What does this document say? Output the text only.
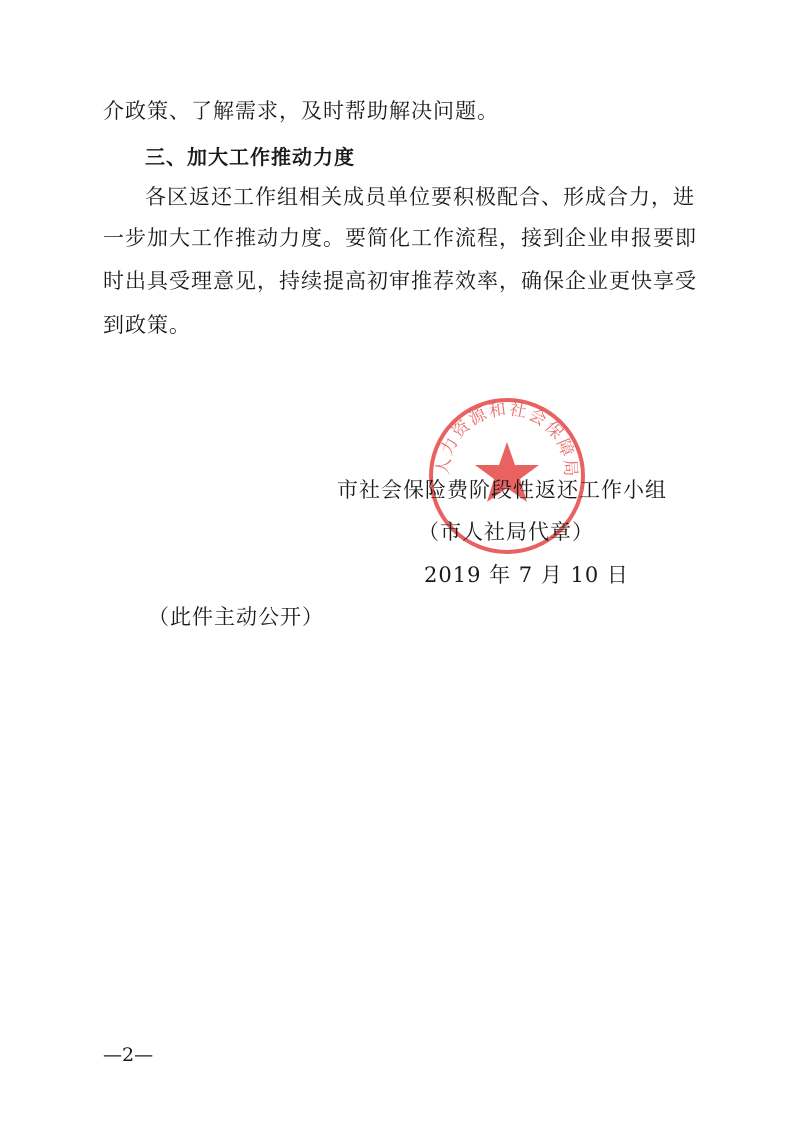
介政策、了解需求，及时帮助解决问题。
三、加大工作推动力度
各区返还工作组相关成员单位要积极配合、形成合力，进
一步加大工作推动力度。要简化工作流程，接到企业申报要即
时出具受理意见，持续提高初审推荐效率，确保企业更快享受
到政策。
人力资源和社会保障局
市社会保险费阶段性返还工作小组
（市人社局代章）
2019 年 7 月 10 日
（此件主动公开）
—2—
